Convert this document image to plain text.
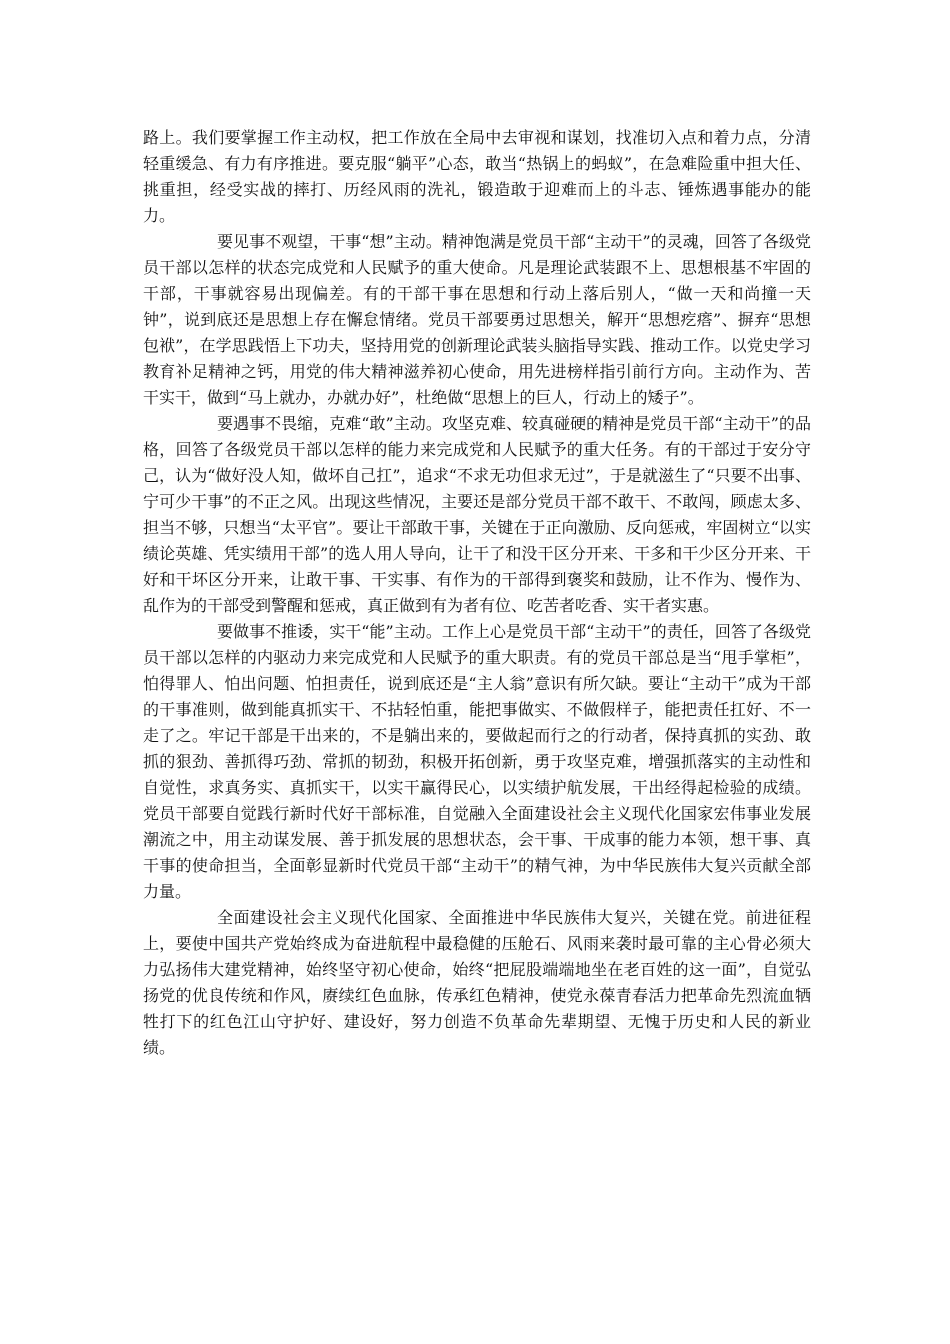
路上。我们要掌握工作主动权，把工作放在全局中去审视和谋划，找准切入点和着力点，分清轻重缓急、有力有序推进。要克服“躺平”心态，敢当“热锅上的蚂蚁”，在急难险重中担大任、挑重担，经受实战的摔打、历经风雨的洗礼，锻造敢于迎难而上的斗志、锤炼遇事能办的能力。

要见事不观望，干事“想”主动。精神饱满是党员干部“主动干”的灵魂，回答了各级党员干部以怎样的状态完成党和人民赋予的重大使命。凡是理论武装跟不上、思想根基不牢固的干部，干事就容易出现偏差。有的干部干事在思想和行动上落后别人，“做一天和尚撞一天钟”，说到底还是思想上存在懈怠情绪。党员干部要勇过思想关，解开“思想疙瘩”、摒弃“思想包袱”，在学思践悟上下功夫，坚持用党的创新理论武装头脑指导实践、推动工作。以党史学习教育补足精神之钙，用党的伟大精神滋养初心使命，用先进榜样指引前行方向。主动作为、苦干实干，做到“马上就办，办就办好”，杜绝做“思想上的巨人，行动上的矮子”。

要遇事不畏缩，克难“敢”主动。攻坚克难、较真碰硬的精神是党员干部“主动干”的品格，回答了各级党员干部以怎样的能力来完成党和人民赋予的重大任务。有的干部过于安分守己，认为“做好没人知，做坏自己扛”，追求“不求无功但求无过”，于是就滋生了“只要不出事、宁可少干事”的不正之风。出现这些情况，主要还是部分党员干部不敢干、不敢闯，顾虑太多、担当不够，只想当“太平官”。要让干部敢干事，关键在于正向激励、反向惩戒，牢固树立“以实绩论英雄、凭实绩用干部”的选人用人导向，让干了和没干区分开来、干多和干少区分开来、干好和干坏区分开来，让敢干事、干实事、有作为的干部得到褒奖和鼓励，让不作为、慢作为、乱作为的干部受到警醒和惩戒，真正做到有为者有位、吃苦者吃香、实干者实惠。

要做事不推诿，实干“能”主动。工作上心是党员干部“主动干”的责任，回答了各级党员干部以怎样的内驱动力来完成党和人民赋予的重大职责。有的党员干部总是当“甩手掌柜”，怕得罪人、怕出问题、怕担责任，说到底还是“主人翁”意识有所欠缺。要让“主动干”成为干部的干事准则，做到能真抓实干、不拈轻怕重，能把事做实、不做假样子，能把责任扛好、不一走了之。牢记干部是干出来的，不是躺出来的，要做起而行之的行动者，保持真抓的实劲、敢抓的狠劲、善抓得巧劲、常抓的韧劲，积极开拓创新，勇于攻坚克难，增强抓落实的主动性和自觉性，求真务实、真抓实干，以实干赢得民心，以实绩护航发展，干出经得起检验的成绩。党员干部要自觉践行新时代好干部标准，自觉融入全面建设社会主义现代化国家宏伟事业发展潮流之中，用主动谋发展、善于抓发展的思想状态，会干事、干成事的能力本领，想干事、真干事的使命担当，全面彰显新时代党员干部“主动干”的精气神，为中华民族伟大复兴贡献全部力量。

全面建设社会主义现代化国家、全面推进中华民族伟大复兴，关键在党。前进征程上，要使中国共产党始终成为奋进航程中最稳健的压舱石、风雨来袭时最可靠的主心骨必须大力弘扬伟大建党精神，始终坚守初心使命，始终“把屁股端端地坐在老百姓的这一面”，自觉弘扬党的优良传统和作风，赓续红色血脉，传承红色精神，使党永葆青春活力把革命先烈流血牺牲打下的红色江山守护好、建设好，努力创造不负革命先辈期望、无愧于历史和人民的新业绩。
